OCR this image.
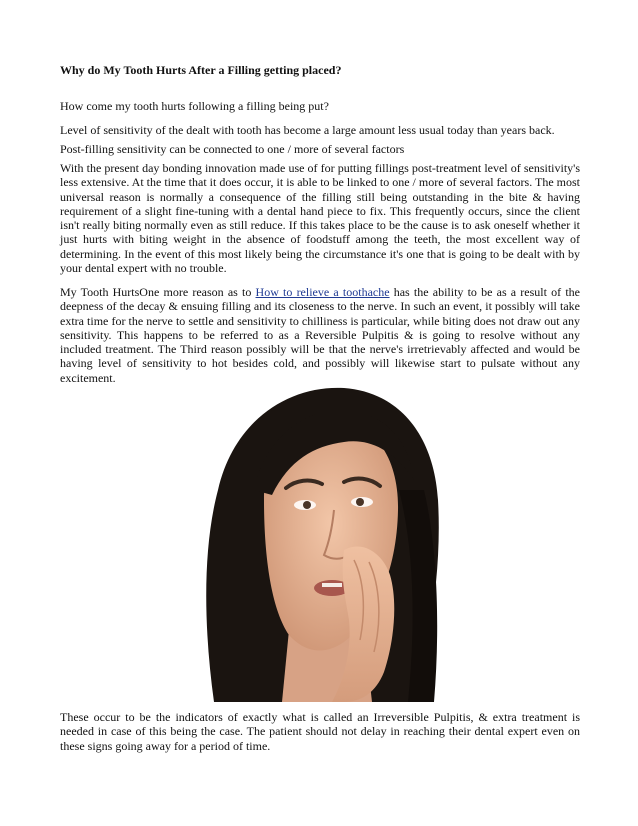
Why do My Tooth Hurts After a Filling getting placed?

How come my tooth hurts following a filling being put?

Level of sensitivity of the dealt with tooth has become a large amount less usual today than years back.

Post-filling sensitivity can be connected to one / more of several factors

With the present day bonding innovation made use of for putting fillings post-treatment level of sensitivity's less extensive. At the time that it does occur, it is able to be linked to one / more of several factors. The most universal reason is normally a consequence of the filling still being outstanding in the bite & having requirement of a slight fine-tuning with a dental hand piece to fix. This frequently occurs, since the client isn't really biting normally even as still reduce. If this takes place to be the cause is to ask oneself whether it just hurts with biting weight in the absence of foodstuff among the teeth, the most excellent way of determining. In the event of this most likely being the circumstance it's one that is going to be dealt with by your dental expert with no trouble.

My Tooth HurtsOne more reason as to How to relieve a toothache has the ability to be as a result of the deepness of the decay & ensuing filling and its closeness to the nerve. In such an event, it possibly will take extra time for the nerve to settle and sensitivity to chilliness is particular, while biting does not draw out any sensitivity. This happens to be referred to as a Reversible Pulpitis & is going to resolve without any included treatment. The Third reason possibly will be that the nerve's irretrievably affected and would be having level of sensitivity to hot besides cold, and possibly will likewise start to pulsate without any excitement.

These occur to be the indicators of exactly what is called an Irreversible Pulpitis, & extra treatment is needed in case of this being the case. The patient should not delay in reaching their dental expert even on these signs going away for a period of time.
